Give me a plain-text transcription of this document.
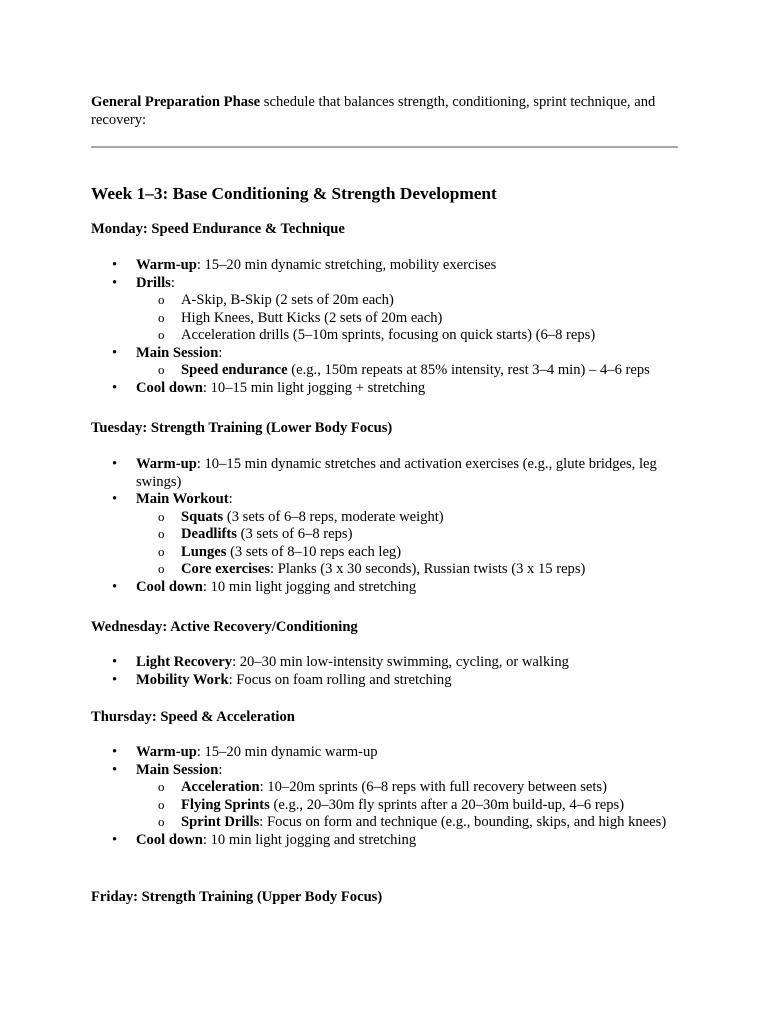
General Preparation Phase schedule that balances strength, conditioning, sprint technique, and recovery:

Week 1–3: Base Conditioning & Strength Development
Monday: Speed Endurance & Technique
• Warm-up: 15–20 min dynamic stretching, mobility exercises
• Drills:
o A-Skip, B-Skip (2 sets of 20m each)
o High Knees, Butt Kicks (2 sets of 20m each)
o Acceleration drills (5–10m sprints, focusing on quick starts) (6–8 reps)
• Main Session:
o Speed endurance (e.g., 150m repeats at 85% intensity, rest 3–4 min) – 4–6 reps
• Cool down: 10–15 min light jogging + stretching
Tuesday: Strength Training (Lower Body Focus)
• Warm-up: 10–15 min dynamic stretches and activation exercises (e.g., glute bridges, leg swings)
• Main Workout:
o Squats (3 sets of 6–8 reps, moderate weight)
o Deadlifts (3 sets of 6–8 reps)
o Lunges (3 sets of 8–10 reps each leg)
o Core exercises: Planks (3 x 30 seconds), Russian twists (3 x 15 reps)
• Cool down: 10 min light jogging and stretching
Wednesday: Active Recovery/Conditioning
• Light Recovery: 20–30 min low-intensity swimming, cycling, or walking
• Mobility Work: Focus on foam rolling and stretching
Thursday: Speed & Acceleration
• Warm-up: 15–20 min dynamic warm-up
• Main Session:
o Acceleration: 10–20m sprints (6–8 reps with full recovery between sets)
o Flying Sprints (e.g., 20–30m fly sprints after a 20–30m build-up, 4–6 reps)
o Sprint Drills: Focus on form and technique (e.g., bounding, skips, and high knees)
• Cool down: 10 min light jogging and stretching
Friday: Strength Training (Upper Body Focus)
